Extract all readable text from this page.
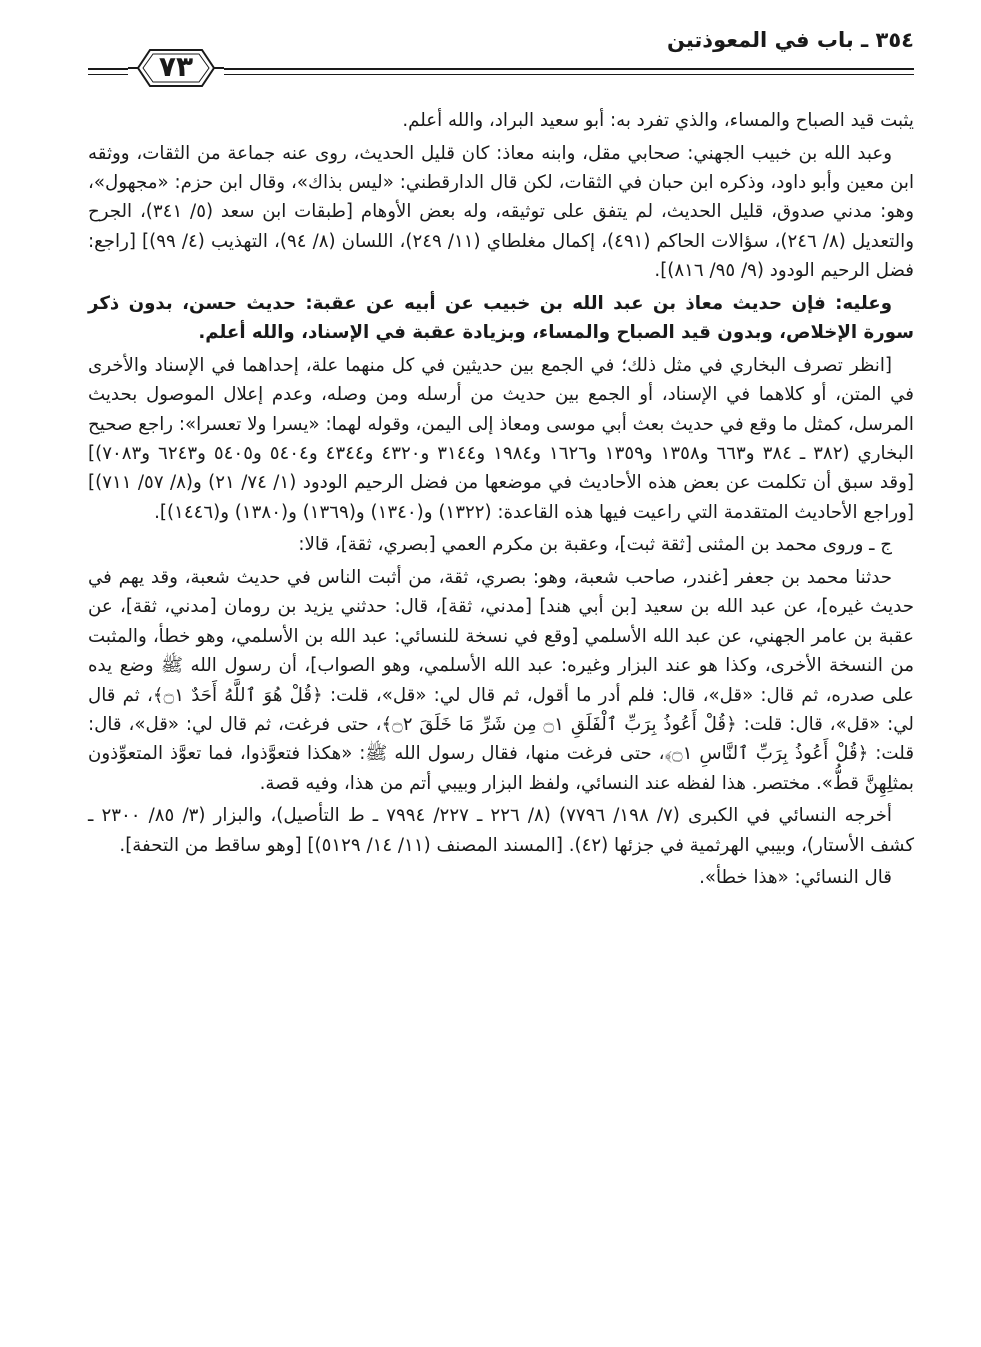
٣٥٤ ـ باب في المعوذتين
٧٣

يثبت قيد الصباح والمساء، والذي تفرد به: أبو سعيد البراد، والله أعلم.

وعبد الله بن خبيب الجهني: صحابي مقل، وابنه معاذ: كان قليل الحديث، روى عنه جماعة من الثقات، ووثقه ابن معين وأبو داود، وذكره ابن حبان في الثقات، لكن قال الدارقطني: «ليس بذاك»، وقال ابن حزم: «مجهول»، وهو: مدني صدوق، قليل الحديث، لم يتفق على توثيقه، وله بعض الأوهام [طبقات ابن سعد (٥/ ٣٤١)، الجرح والتعديل (٨/ ٢٤٦)، سؤالات الحاكم (٤٩١)، إكمال مغلطاي (١١/ ٢٤٩)، اللسان (٨/ ٩٤)، التهذيب (٤/ ٩٩)] [راجع: فضل الرحيم الودود (٩/ ٩٥/ ٨١٦)].

وعليه: فإن حديث معاذ بن عبد الله بن خبيب عن أبيه عن عقبة: حديث حسن، بدون ذكر سورة الإخلاص، وبدون قيد الصباح والمساء، وبزيادة عقبة في الإسناد، والله أعلم.

[انظر تصرف البخاري في مثل ذلك؛ في الجمع بين حديثين في كل منهما علة، إحداهما في الإسناد والأخرى في المتن، أو كلاهما في الإسناد، أو الجمع بين حديث من أرسله ومن وصله، وعدم إعلال الموصول بحديث المرسل، كمثل ما وقع في حديث بعث أبي موسى ومعاذ إلى اليمن، وقوله لهما: «يسرا ولا تعسرا»: راجع صحيح البخاري (٣٨٢ ـ ٣٨٤ و٦٦٣ و١٣٥٨ و١٣٥٩ و١٦٢٦ و١٩٨٤ و٣١٤٤ و٤٣٢٠ و٤٣٤٤ و٥٤٠٤ و٥٤٠٥ و٦٢٤٣ و٧٠٨٣)] [وقد سبق أن تكلمت عن بعض هذه الأحاديث في موضعها من فضل الرحيم الودود (١/ ٧٤/ ٢١) و(٨/ ٥٧/ ٧١١)] [وراجع الأحاديث المتقدمة التي راعيت فيها هذه القاعدة: (١٣٢٢) و(١٣٤٠) و(١٣٦٩) و(١٣٨٠) و(١٤٤٦)].

ج ـ وروى محمد بن المثنى [ثقة ثبت]، وعقبة بن مكرم العمي [بصري، ثقة]، قالا:

حدثنا محمد بن جعفر [غندر، صاحب شعبة، وهو: بصري، ثقة، من أثبت الناس في حديث شعبة، وقد يهم في حديث غيره]، عن عبد الله بن سعيد [بن أبي هند] [مدني، ثقة]، قال: حدثني يزيد بن رومان [مدني، ثقة]، عن عقبة بن عامر الجهني، عن عبد الله الأسلمي [وقع في نسخة للنسائي: عبد الله بن الأسلمي، وهو خطأ، والمثبت من النسخة الأخرى، وكذا هو عند البزار وغيره: عبد الله الأسلمي، وهو الصواب]، أن رسول الله ﷺ وضع يده على صدره، ثم قال: «قل»، قال: فلم أدر ما أقول، ثم قال لي: «قل»، قلت: ﴿قُلْ هُوَ ٱللَّهُ أَحَدٌ ۝١﴾، ثم قال لي: «قل»، قال: قلت: ﴿قُلْ أَعُوذُ بِرَبِّ ٱلْفَلَقِ ۝١ مِن شَرِّ مَا خَلَقَ ۝٢﴾، حتى فرغت، ثم قال لي: «قل»، قال: قلت: ﴿قُلْ أَعُوذُ بِرَبِّ ٱلنَّاسِ ۝١﴾، حتى فرغت منها، فقال رسول الله ﷺ: «هكذا فتعوَّذوا، فما تعوَّذ المتعوِّذون بمثلِهِنَّ قطُّ». مختصر. هذا لفظه عند النسائي، ولفظ البزار وبيبي أتم من هذا، وفيه قصة.

أخرجه النسائي في الكبرى (٧/ ١٩٨/ ٧٧٩٦) (٨/ ٢٢٦ ـ ٢٢٧/ ٧٩٩٤ ـ ط التأصيل)، والبزار (٣/ ٨٥/ ٢٣٠٠ ـ كشف الأستار)، وبيبي الهرثمية في جزئها (٤٢). [المسند المصنف (١١/ ١٤/ ٥١٢٩)] [وهو ساقط من التحفة].

قال النسائي: «هذا خطأ».
